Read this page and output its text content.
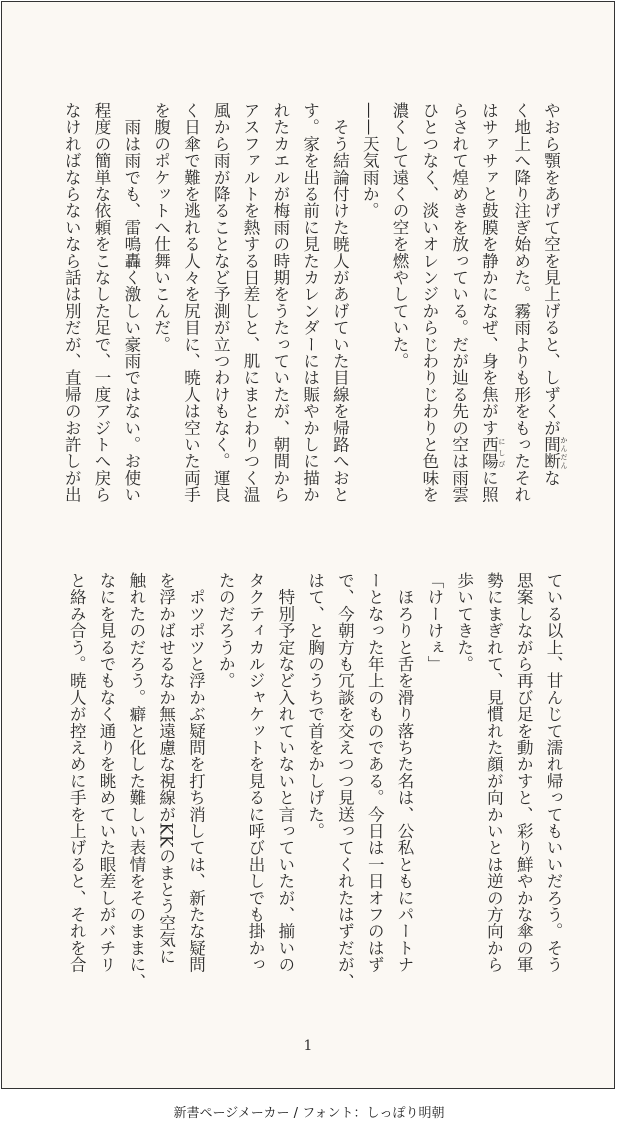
やおら顎をあげて空を見上げると、しずくが間断 かんだんな

く地上へ降り注ぎ始めた。霧雨よりも形をもったそれ

はサァサァと鼓膜を静かになぜ、身を焦がす西陽 にしびに照

らされて煌めきを放っている。だが辿る先の空は雨雲

ひとつなく、淡いオレンジからじわりじわりと色味を

濃くして遠くの空を燃やしていた。

——天気雨か。

　そう結論付けた暁人があげていた目線を帰路へおと

す。家を出る前に見たカレンダーには賑やかしに描か

れたカエルが梅雨の時期をうたっていたが、朝間から

アスファルトを熱する日差しと、肌にまとわりつく温

風から雨が降ることなど予測が立つわけもなく。運良

く日傘で難を逃れる人々を尻目に、暁人は空いた両手

を腹のポケットへ仕舞いこんだ。

　雨は雨でも、雷鳴轟く激しい豪雨ではない。お使い

程度の簡単な依頼をこなした足で、一度アジトへ戻ら

なければならないなら話は別だが、直帰のお許しが出

ている以上、甘んじて濡れ帰ってもいいだろう。そう

思案しながら再び足を動かすと、彩り鮮やかな傘の軍

勢にまぎれて、見慣れた顔が向かいとは逆の方向から

歩いてきた。

「けーけぇ」

　ほろりと舌を滑り落ちた名は、公私ともにパートナ

ーとなった年上のものである。今日は一日オフのはず

で、今朝方も冗談を交えつつ見送ってくれたはずだが、

はて、と胸のうちで首をかしげた。

　特別予定など入れていないと言っていたが、揃いの

タクティカルジャケットを見るに呼び出しでも掛かっ

たのだろうか。

　ポツポツと浮かぶ疑問を打ち消しては、新たな疑問

を浮かばせるなか無遠慮な視線がKKのまとう空気に

触れたのだろう。癖と化した難しい表情をそのままに、

なにを見るでもなく通りを眺めていた眼差しがバチリ

と絡み合う。暁人が控えめに手を上げると、それを合

1
新書ページメーカー / フォント：しっぽり明朝
